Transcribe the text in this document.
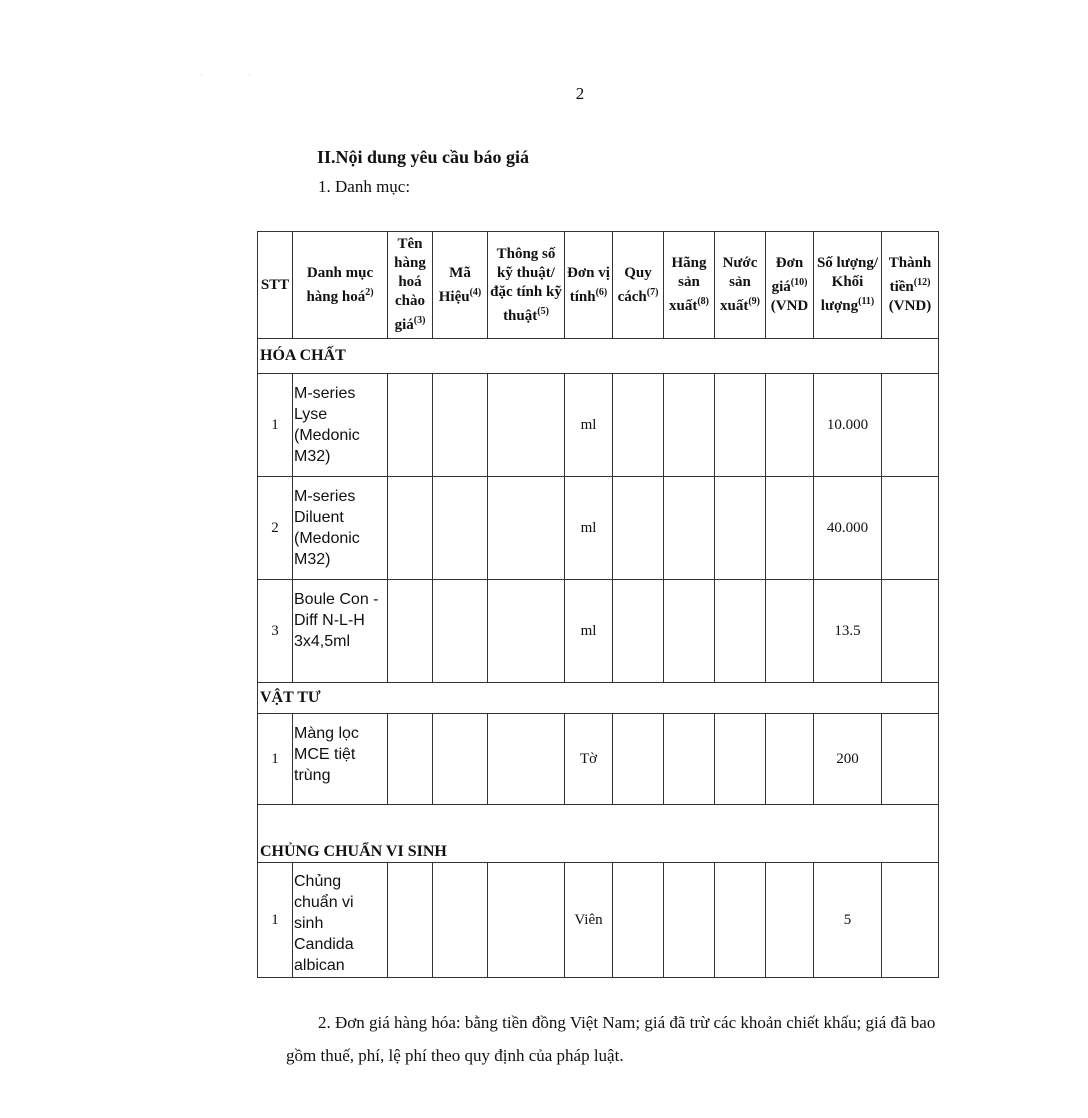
·                    ·
2
II.Nội dung yêu cầu báo giá
1. Danh mục:
STT	Danh mục hàng hoá$^{2)}$	Tên hàng hoá chào giá$^{(3)}$	Mã Hiệu$^{(4)}$	Thông số kỹ thuật/đặc tính kỹ thuật$^{(5)}$	Đơn vị tính$^{(6)}$	Quy cách$^{(7)}$	Hãng sản xuất$^{(8)}$	Nước sản xuất$^{(9)}$	Đơn giá$^{(10)}$ (VND	Số lượng/ Khối lượng$^{(11)}$	Thành tiền$^{(12)}$ (VND)
HÓA CHẤT											
1	M-series Lyse (Medonic M32)				ml					10.000	
2	M-series Diluent (Medonic M32)				ml					40.000	
3	Boule Con -Diff N-L-H 3x4,5ml				ml					13.5	
VẬT TƯ											
1	Màng lọc MCE tiệt trùng				Tờ					200	
CHỦNG CHUẨN VI SINH											
1	Chủng chuẩn vi sinh Candida albican				Viên					5	
2. Đơn giá hàng hóa: bằng tiền đồng Việt Nam; giá đã trừ các khoản chiết khấu; giá đã bao gồm thuế, phí, lệ phí theo quy định của pháp luật.
